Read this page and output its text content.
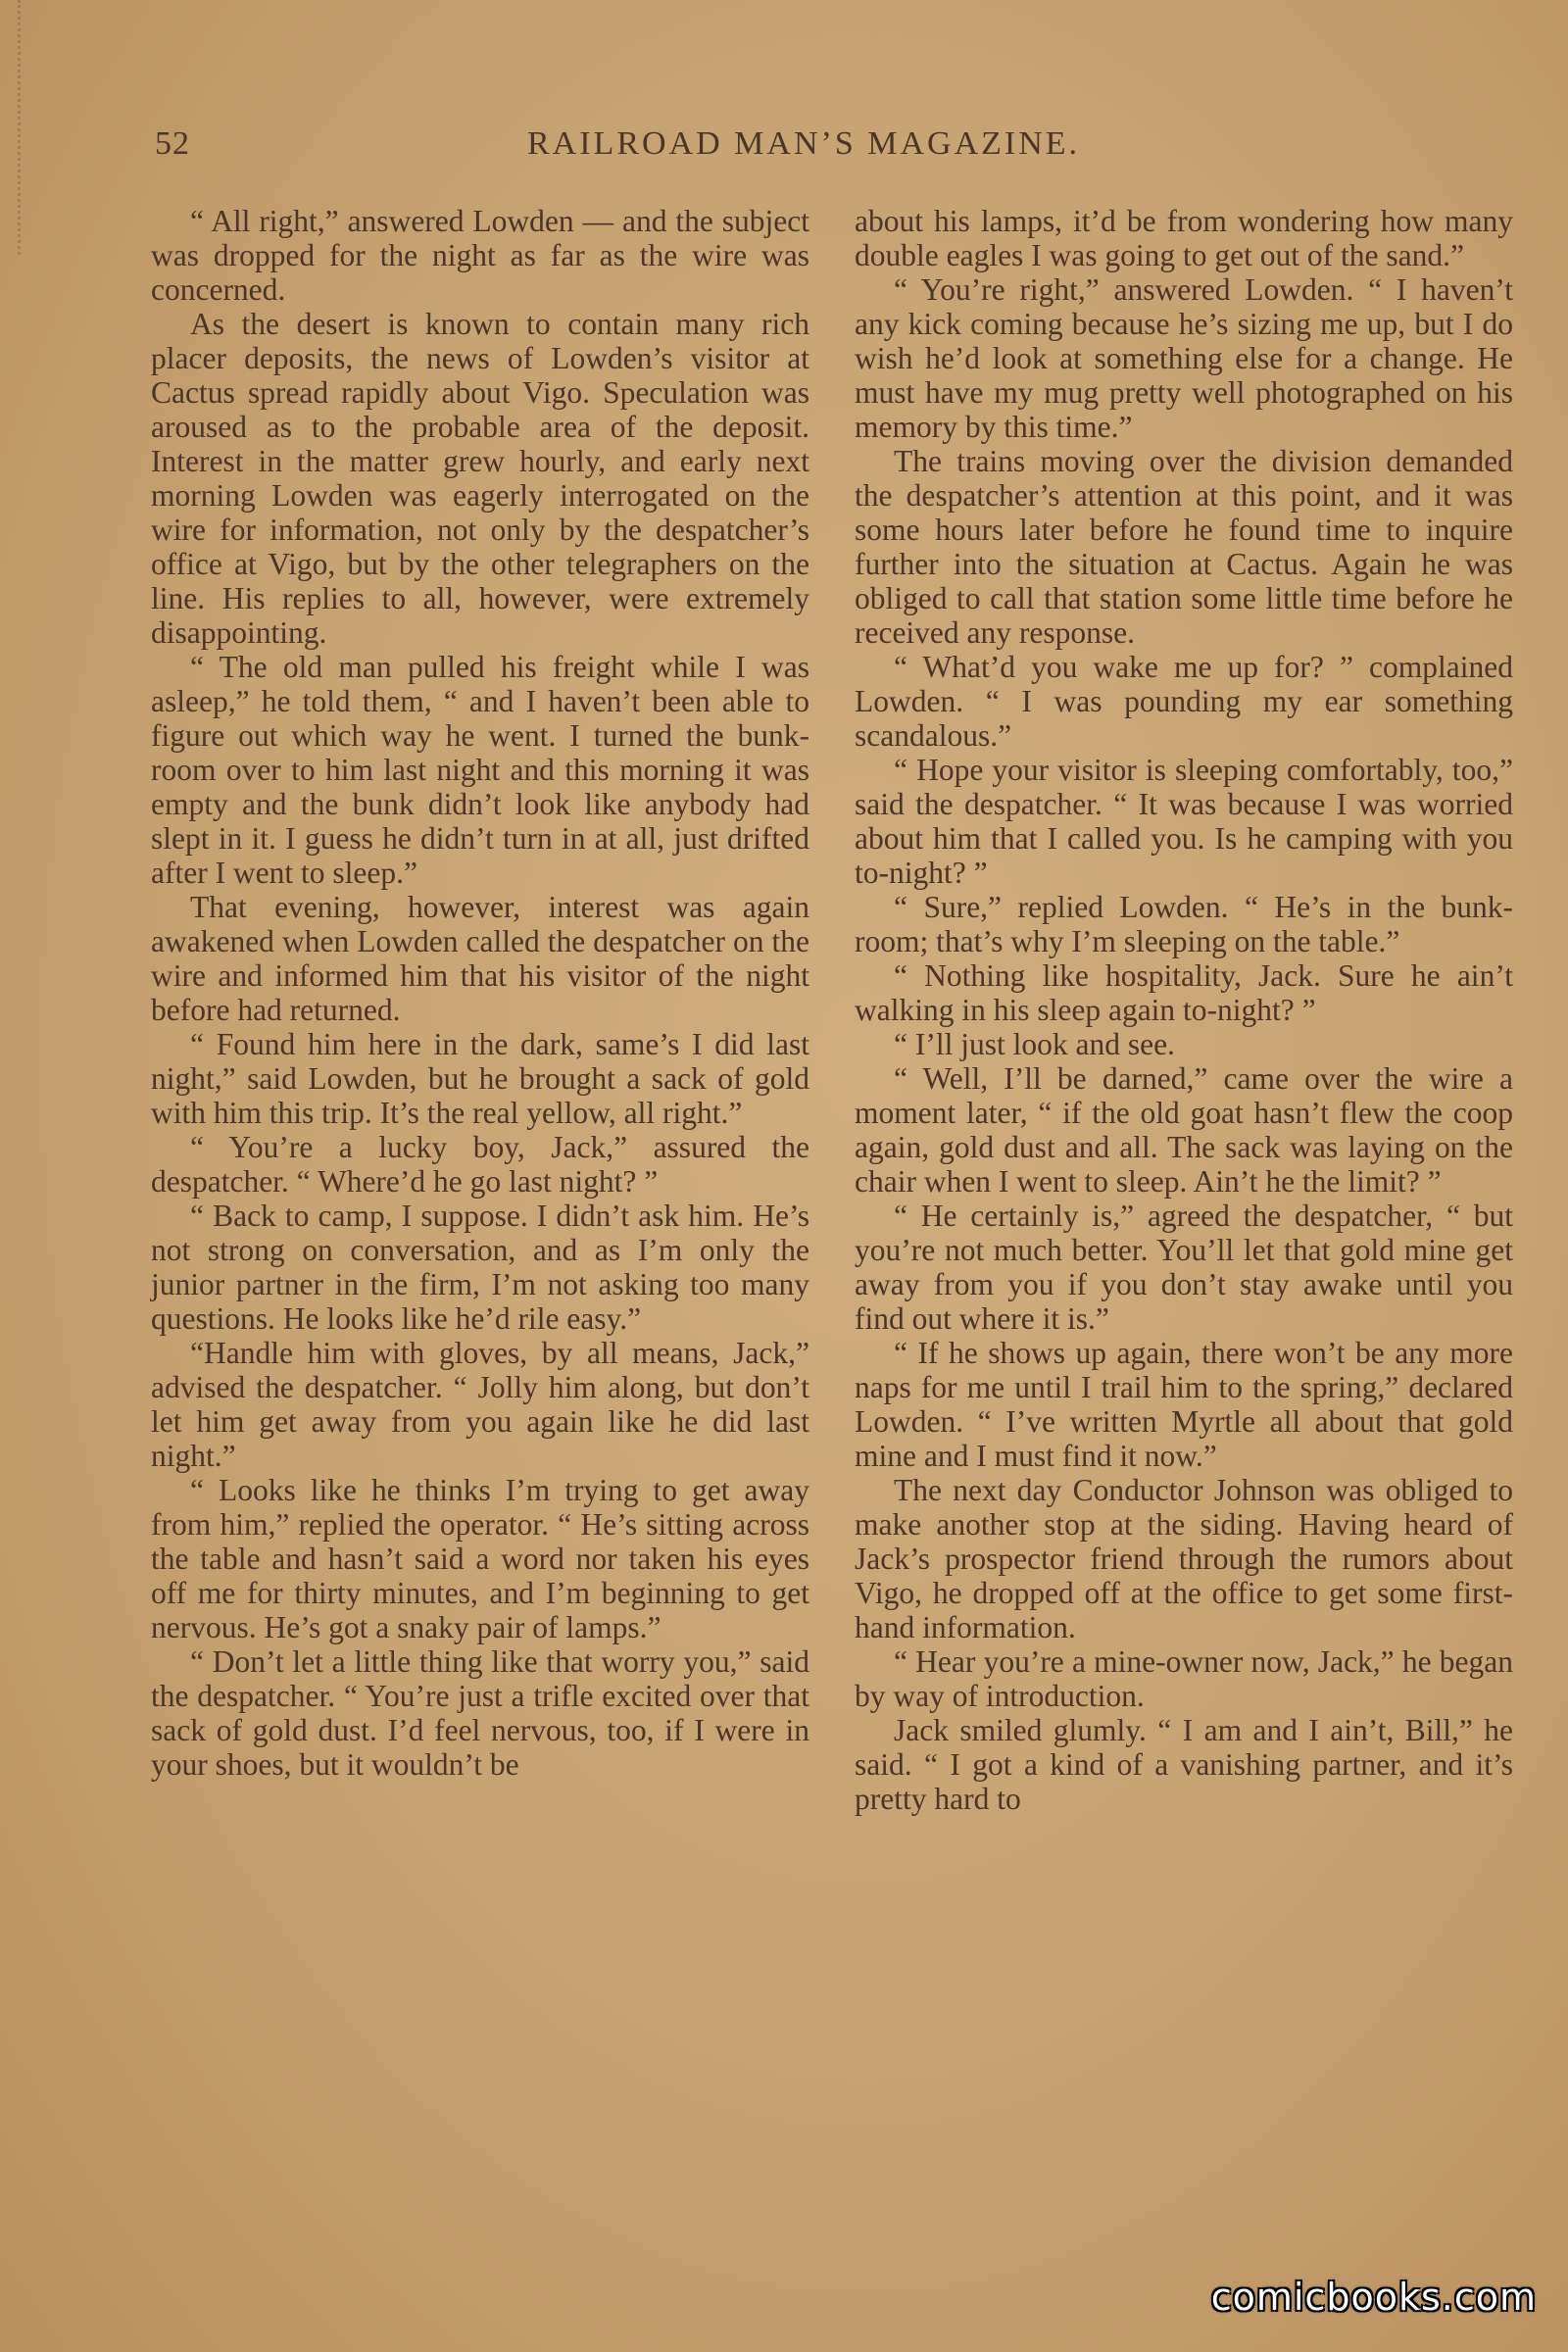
52	RAILROAD MAN’S MAGAZINE.

“ All right,” answered Lowden — and the subject was dropped for the night as far as the wire was concerned.

As the desert is known to contain many rich placer deposits, the news of Lowden’s visitor at Cactus spread rapidly about Vigo. Speculation was aroused as to the probable area of the deposit. Interest in the matter grew hourly, and early next morning Lowden was eagerly interrogated on the wire for information, not only by the despatcher’s office at Vigo, but by the other telegraphers on the line. His replies to all, however, were extremely disappointing.

“ The old man pulled his freight while I was asleep,” he told them, “ and I haven’t been able to figure out which way he went. I turned the bunk-room over to him last night and this morning it was empty and the bunk didn’t look like anybody had slept in it. I guess he didn’t turn in at all, just drifted after I went to sleep.”

That evening, however, interest was again awakened when Lowden called the despatcher on the wire and informed him that his visitor of the night before had returned.

“ Found him here in the dark, same’s I did last night,” said Lowden, but he brought a sack of gold with him this trip. It’s the real yellow, all right.”

“ You’re a lucky boy, Jack,” assured the despatcher. “ Where’d he go last night? ”

“ Back to camp, I suppose. I didn’t ask him. He’s not strong on conversation, and as I’m only the junior partner in the firm, I’m not asking too many questions. He looks like he’d rile easy.”

“Handle him with gloves, by all means, Jack,” advised the despatcher. “ Jolly him along, but don’t let him get away from you again like he did last night.”

“ Looks like he thinks I’m trying to get away from him,” replied the operator. “ He’s sitting across the table and hasn’t said a word nor taken his eyes off me for thirty minutes, and I’m beginning to get nervous. He’s got a snaky pair of lamps.”

“ Don’t let a little thing like that worry you,” said the despatcher. “ You’re just a trifle excited over that sack of gold dust. I’d feel nervous, too, if I were in your shoes, but it wouldn’t be

about his lamps, it’d be from wondering how many double eagles I was going to get out of the sand.”

“ You’re right,” answered Lowden. “ I haven’t any kick coming because he’s sizing me up, but I do wish he’d look at something else for a change. He must have my mug pretty well photographed on his memory by this time.”

The trains moving over the division demanded the despatcher’s attention at this point, and it was some hours later before he found time to inquire further into the situation at Cactus. Again he was obliged to call that station some little time before he received any response.

“ What’d you wake me up for? ” complained Lowden. “ I was pounding my ear something scandalous.”

“ Hope your visitor is sleeping comfortably, too,” said the despatcher. “ It was because I was worried about him that I called you. Is he camping with you to-night? ”

“ Sure,” replied Lowden. “ He’s in the bunk-room; that’s why I’m sleeping on the table.”

“ Nothing like hospitality, Jack. Sure he ain’t walking in his sleep again to-night? ”

“ I’ll just look and see.

“ Well, I’ll be darned,” came over the wire a moment later, “ if the old goat hasn’t flew the coop again, gold dust and all. The sack was laying on the chair when I went to sleep. Ain’t he the limit? ”

“ He certainly is,” agreed the despatcher, “ but you’re not much better. You’ll let that gold mine get away from you if you don’t stay awake until you find out where it is.”

“ If he shows up again, there won’t be any more naps for me until I trail him to the spring,” declared Lowden. “ I’ve written Myrtle all about that gold mine and I must find it now.”

The next day Conductor Johnson was obliged to make another stop at the siding. Having heard of Jack’s prospector friend through the rumors about Vigo, he dropped off at the office to get some first-hand information.

“ Hear you’re a mine-owner now, Jack,” he began by way of introduction.

Jack smiled glumly. “ I am and I ain’t, Bill,” he said. “ I got a kind of a vanishing partner, and it’s pretty hard to

comicbooks.com
